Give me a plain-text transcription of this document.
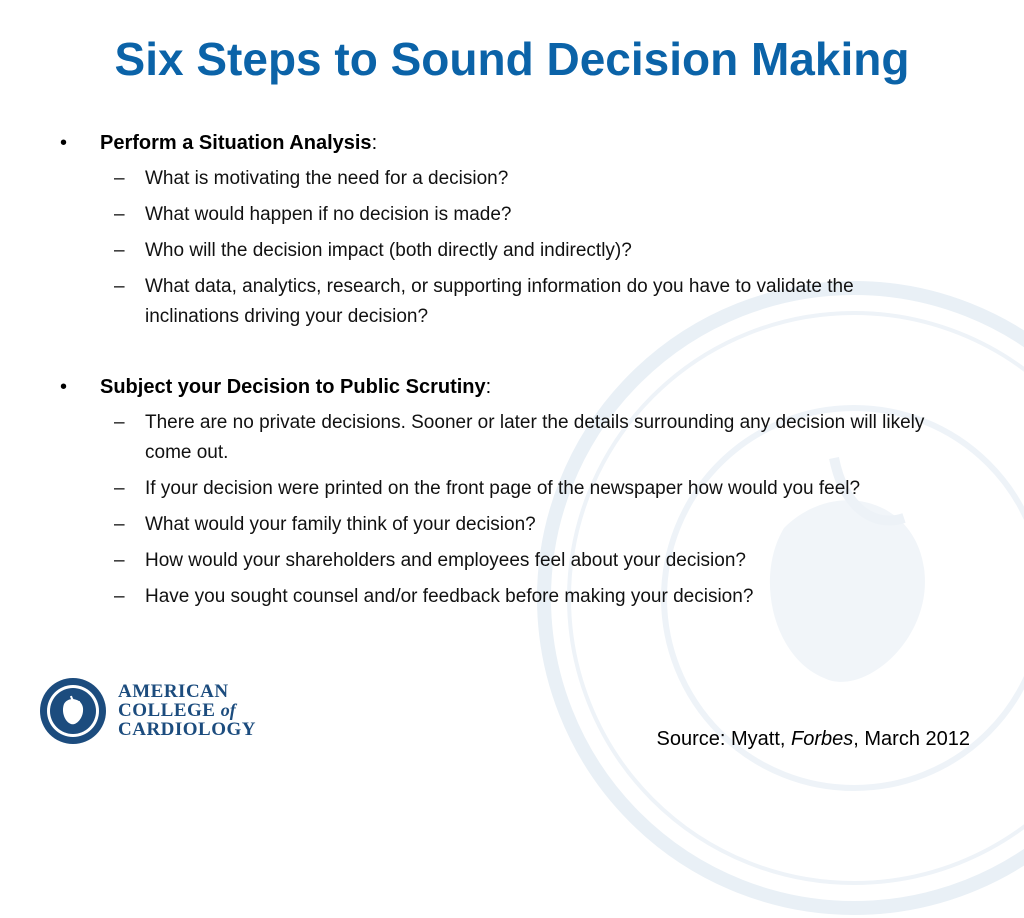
Six Steps to Sound Decision Making
• Perform a Situation Analysis:
– What is motivating the need for a decision?
– What would happen if no decision is made?
– Who will the decision impact (both directly and indirectly)?
– What data, analytics, research, or supporting information do you have to validate the inclinations driving your decision?
• Subject your Decision to Public Scrutiny:
– There are no private decisions. Sooner or later the details surrounding any decision will likely come out.
– If your decision were printed on the front page of the newspaper how would you feel?
– What would your family think of your decision?
– How would your shareholders and employees feel about your decision?
– Have you sought counsel and/or feedback before making your decision?
AMERICAN
COLLEGE of
CARDIOLOGY	Source: Myatt, Forbes, March 2012
